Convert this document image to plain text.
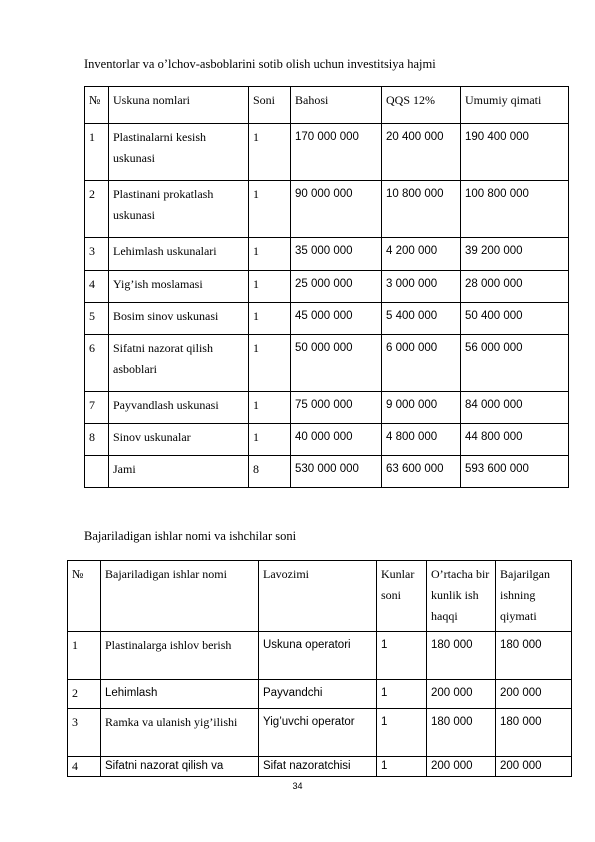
Inventorlar va o’lchov-asboblarini sotib olish uchun investitsiya hajmi
№	Uskuna nomlari	Soni	Bahosi	QQS 12%	Umumiy qimati
1	Plastinalarni kesish uskunasi	1	170 000 000	20 400 000	190 400 000
2	Plastinani prokatlash uskunasi	1	90 000 000	10 800 000	100 800 000
3	Lehimlash uskunalari	1	35 000 000	4 200 000	39 200 000
4	Yig’ish moslamasi	1	25 000 000	3 000 000	28 000 000
5	Bosim sinov uskunasi	1	45 000 000	5 400 000	50 400 000
6	Sifatni nazorat qilish asboblari	1	50 000 000	6 000 000	56 000 000
7	Payvandlash uskunasi	1	75 000 000	9 000 000	84 000 000
8	Sinov uskunalar	1	40 000 000	4 800 000	44 800 000
	Jami	8	530 000 000	63 600 000	593 600 000
Bajariladigan ishlar nomi va ishchilar soni
№	Bajariladigan ishlar nomi	Lavozimi	Kunlar soni	O’rtacha bir kunlik ish haqqi	Bajarilgan ishning qiymati
1	Plastinalarga ishlov berish	Uskuna operatori	1	180 000	180 000
2	Lehimlash	Payvandchi	1	200 000	200 000
3	Ramka va ulanish yig’ilishi	Yig’uvchi operator	1	180 000	180 000
4	Sifatni nazorat qilish va	Sifat nazoratchisi	1	200 000	200 000
34
